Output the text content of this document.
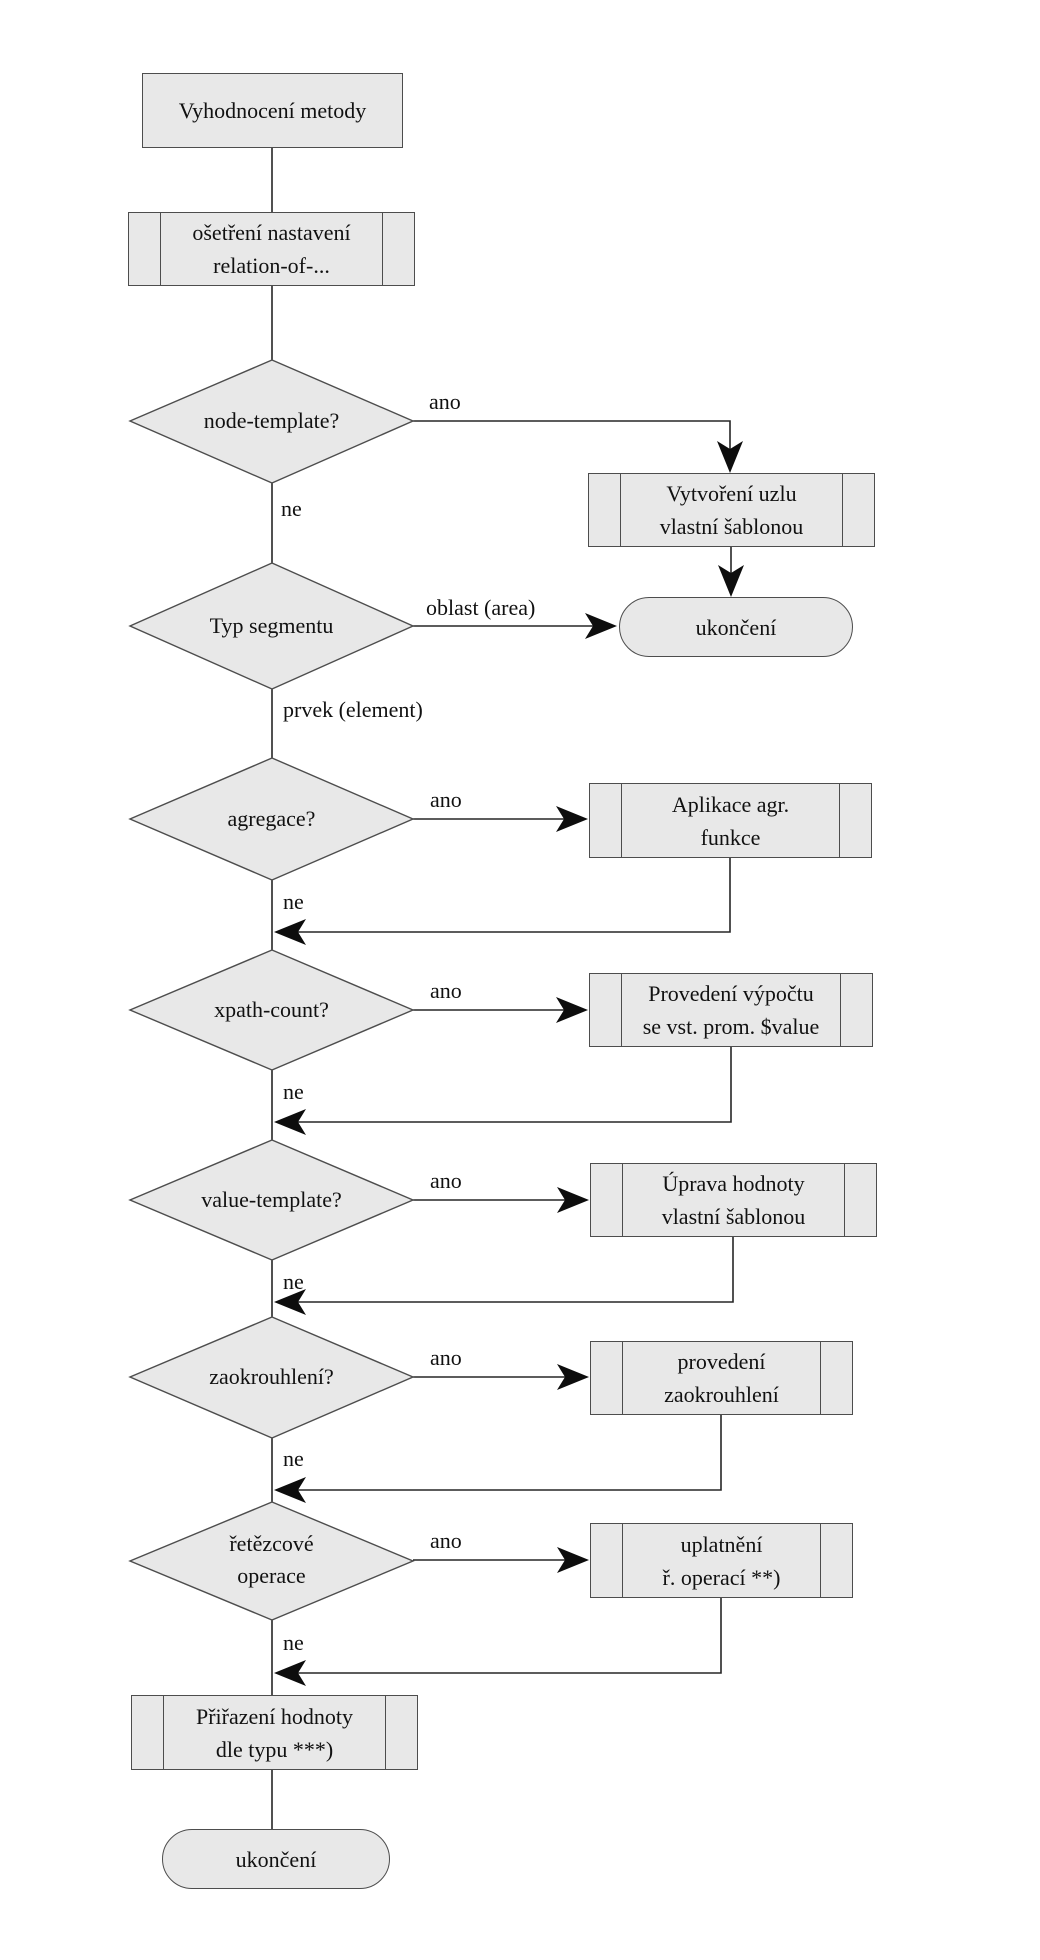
Vyhodnocení metody
ošetření nastavení
relation-of-...
node-template?
Typ segmentu
agregace?
xpath-count?
value-template?
zaokrouhlení?
řetězcové
operace
Vytvoření uzlu
vlastní šablonou
ukončení
Aplikace agr.
funkce
Provedení výpočtu
se vst. prom. $value
Úprava hodnoty
vlastní šablonou
provedení
zaokrouhlení
uplatnění
ř. operací **)
Přiřazení hodnoty
dle typu ***)
ukončení
ano
ne
oblast (area)
prvek (element)
ano
ne
ano
ne
ano
ne
ano
ne
ano
ne
